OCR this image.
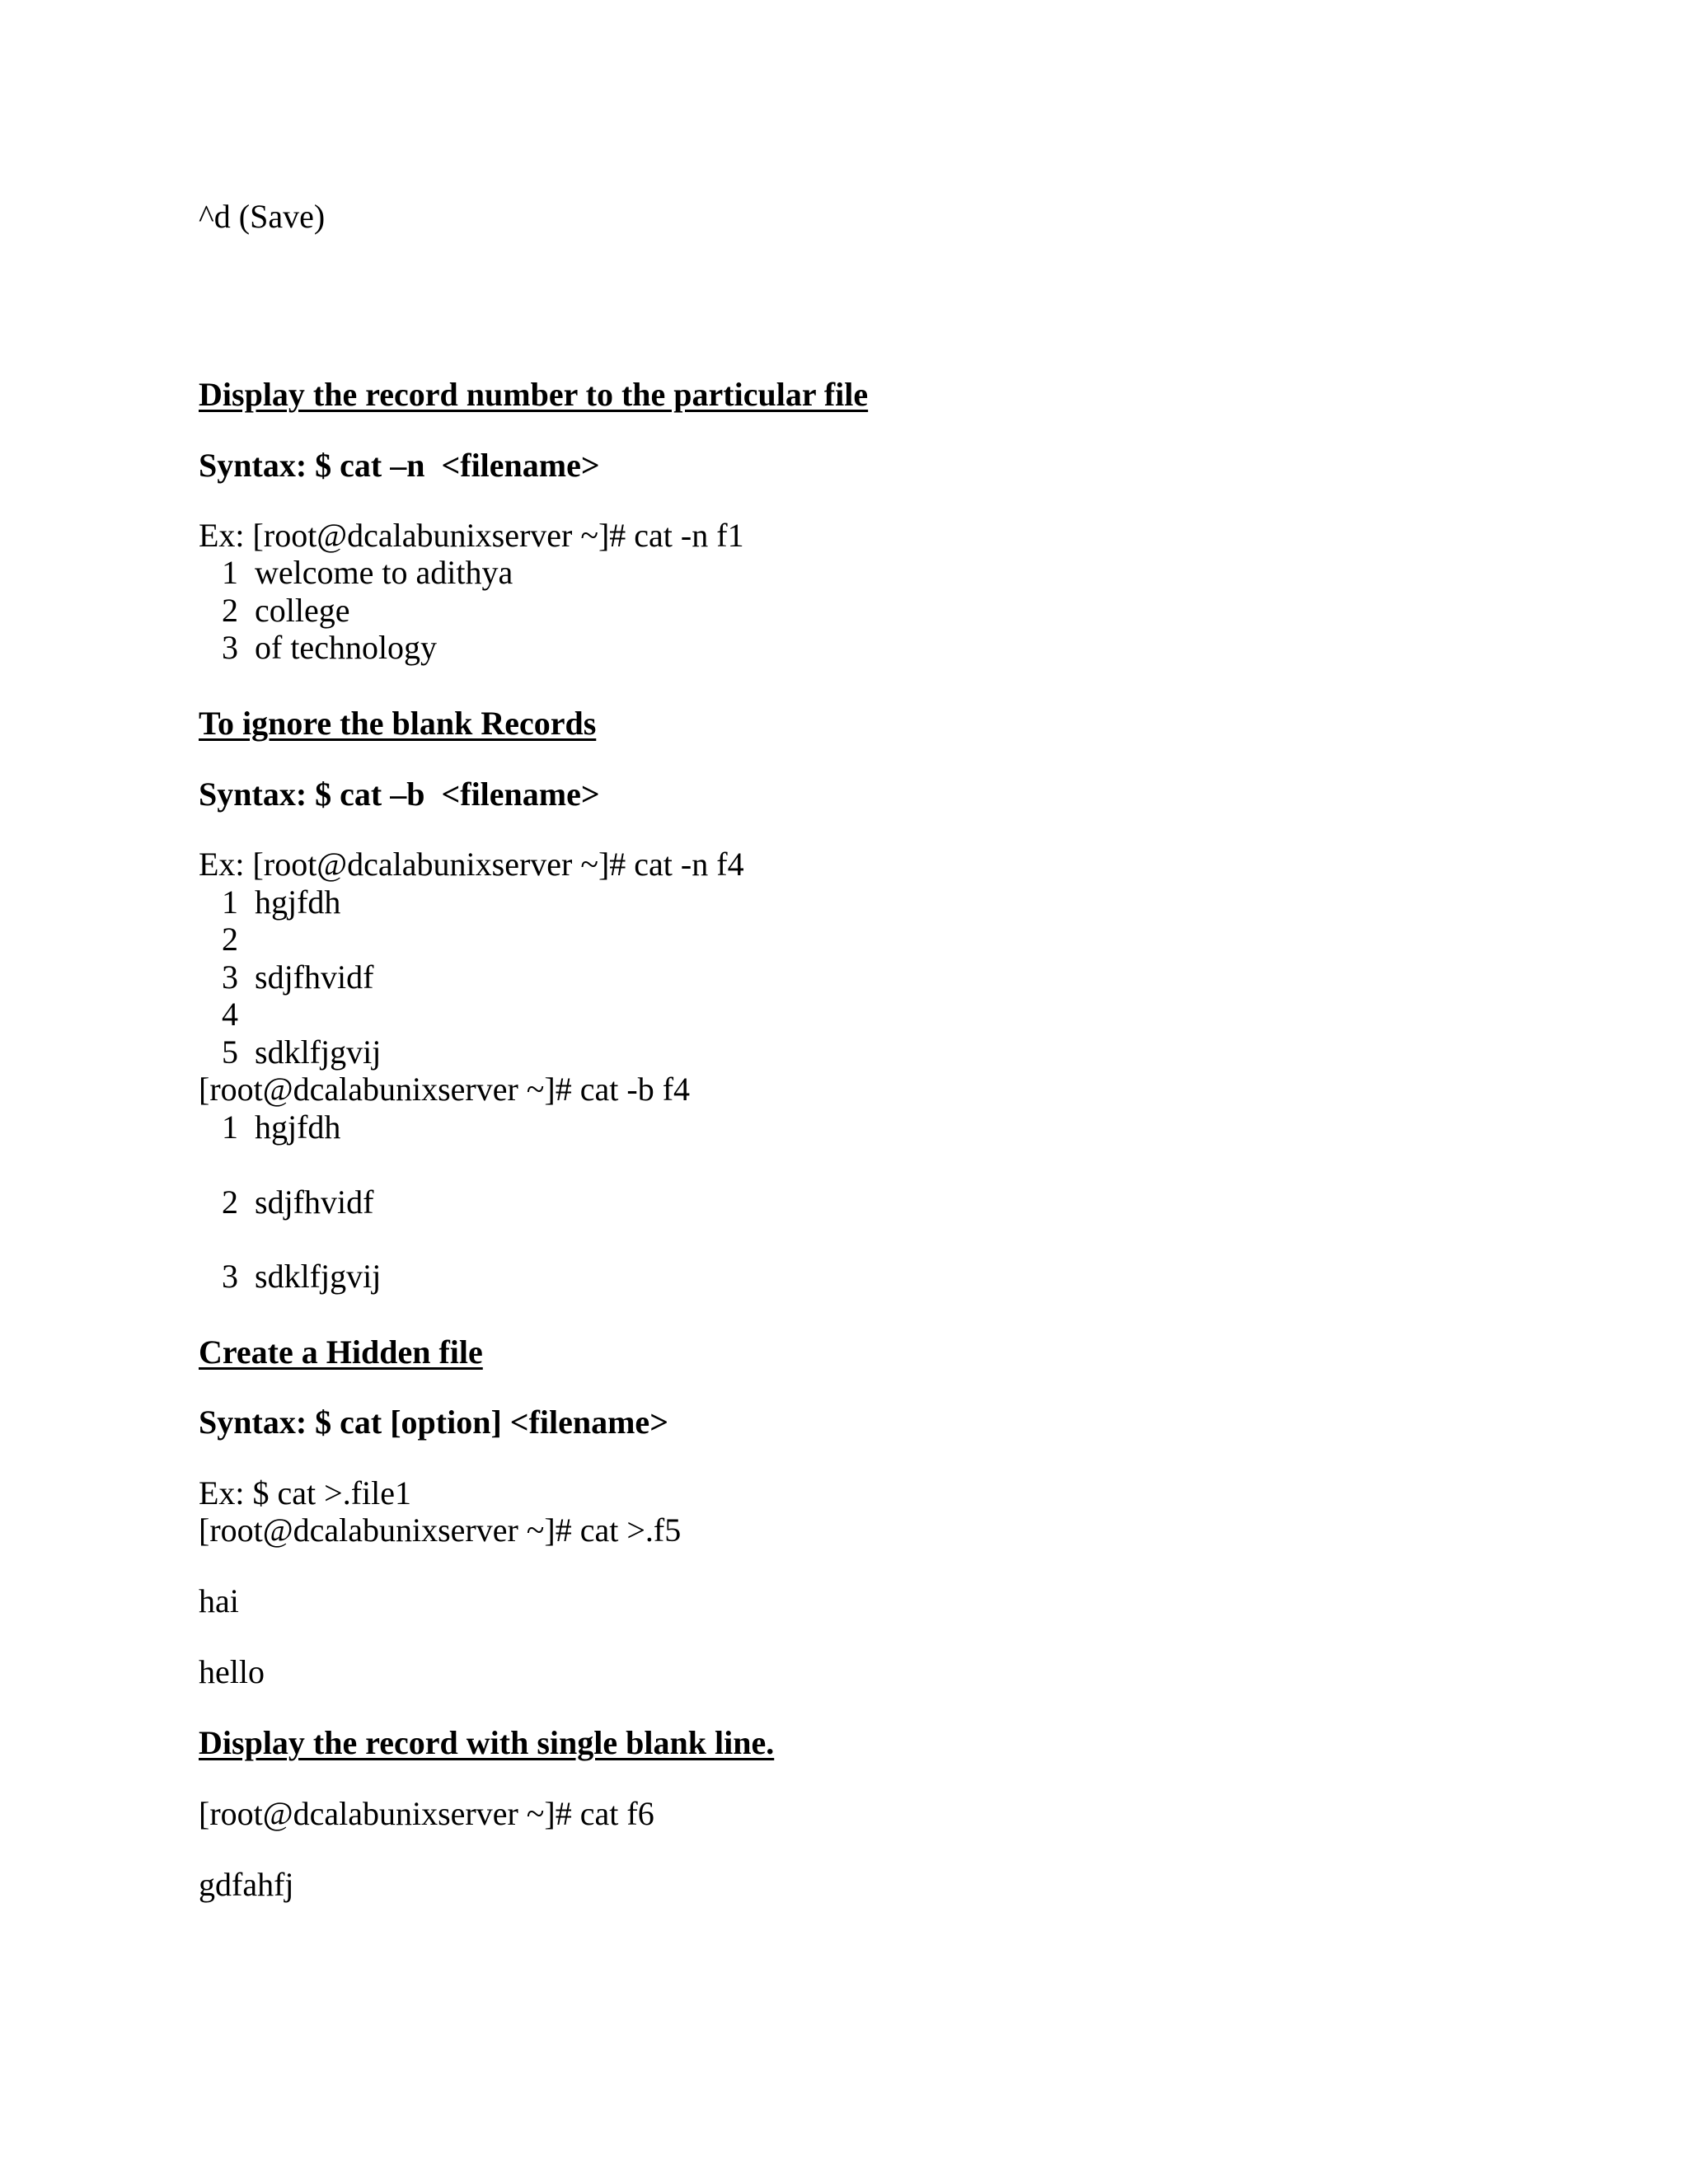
^d (Save)
Display the record number to the particular file
Syntax: $ cat –n  <filename>
Ex: [root@dcalabunixserver ~]# cat -n f1
1 welcome to adithya
2 college
3 of technology
To ignore the blank Records
Syntax: $ cat –b  <filename>
Ex: [root@dcalabunixserver ~]# cat -n f4
1 hgjfdh
2
3 sdjfhvidf
4
5 sdklfjgvij
[root@dcalabunixserver ~]# cat -b f4
1 hgjfdh
2 sdjfhvidf
3 sdklfjgvij
Create a Hidden file
Syntax: $ cat [option] <filename>
Ex: $ cat >.file1
[root@dcalabunixserver ~]# cat >.f5
hai
hello
Display the record with single blank line.
[root@dcalabunixserver ~]# cat f6
gdfahfj
